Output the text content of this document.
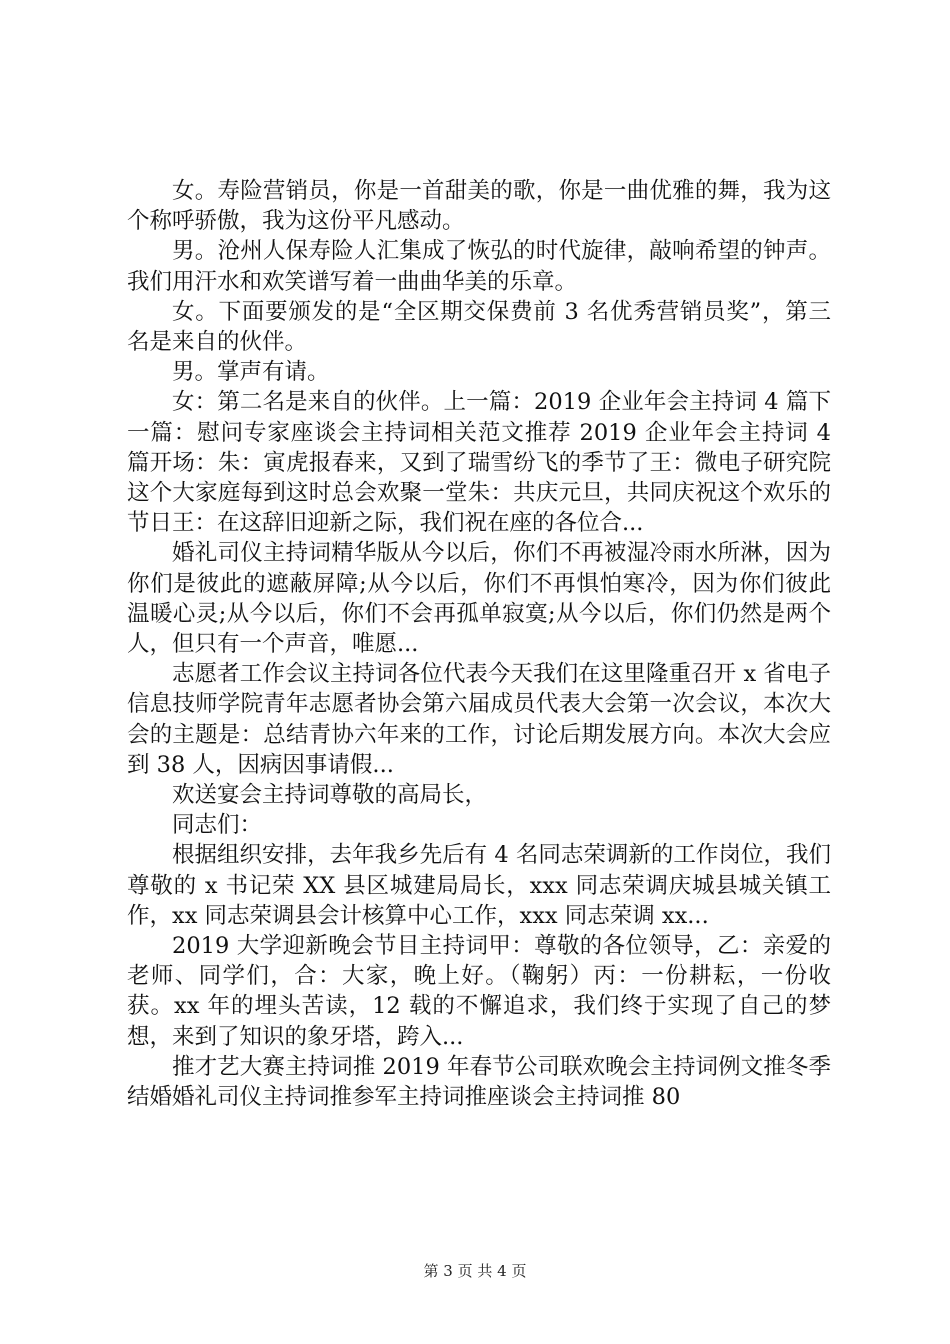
女。寿险营销员，你是一首甜美的歌，你是一曲优雅的舞，我为这个称呼骄傲，我为这份平凡感动。

男。沧州人保寿险人汇集成了恢弘的时代旋律，敲响希望的钟声。我们用汗水和欢笑谱写着一曲曲华美的乐章。

女。下面要颁发的是“全区期交保费前 3 名优秀营销员奖”，第三名是来自的伙伴。

男。掌声有请。

女：第二名是来自的伙伴。上一篇：2019 企业年会主持词 4 篇下一篇：慰问专家座谈会主持词相关范文推荐 2019 企业年会主持词 4 篇开场：朱：寅虎报春来，又到了瑞雪纷飞的季节了王：微电子研究院这个大家庭每到这时总会欢聚一堂朱：共庆元旦，共同庆祝这个欢乐的节日王：在这辞旧迎新之际，我们祝在座的各位合...

婚礼司仪主持词精华版从今以后，你们不再被湿冷雨水所淋，因为你们是彼此的遮蔽屏障;从今以后，你们不再惧怕寒冷，因为你们彼此温暖心灵;从今以后，你们不会再孤单寂寞;从今以后，你们仍然是两个人，但只有一个声音，唯愿...

志愿者工作会议主持词各位代表今天我们在这里隆重召开 x 省电子信息技师学院青年志愿者协会第六届成员代表大会第一次会议，本次大会的主题是：总结青协六年来的工作，讨论后期发展方向。本次大会应到 38 人，因病因事请假...

欢送宴会主持词尊敬的高局长，

同志们：

根据组织安排，去年我乡先后有 4 名同志荣调新的工作岗位，我们尊敬的 x 书记荣 XX 县区城建局局长，xxx 同志荣调庆城县城关镇工作，xx 同志荣调县会计核算中心工作，xxx 同志荣调 xx...

2019 大学迎新晚会节目主持词甲：尊敬的各位领导，乙：亲爱的老师、同学们，合：大家，晚上好。（鞠躬）丙：一份耕耘，一份收获。xx 年的埋头苦读，12 载的不懈追求，我们终于实现了自己的梦想，来到了知识的象牙塔，跨入...

推才艺大赛主持词推 2019 年春节公司联欢晚会主持词例文推冬季结婚婚礼司仪主持词推参军主持词推座谈会主持词推 80

第 3 页 共 4 页
